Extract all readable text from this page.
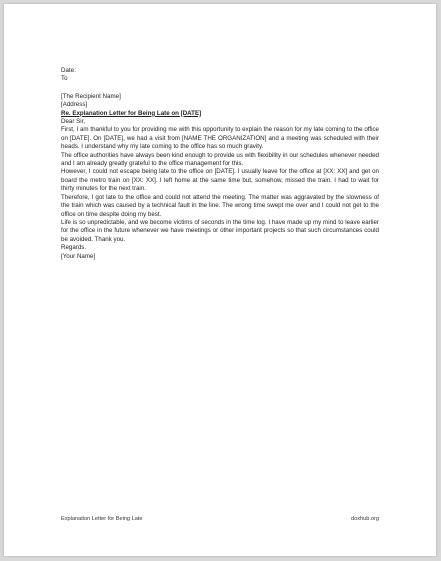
Date:

To

[The Recipient Name]
[Address]

Re. Explanation Letter for Being Late on [DATE]

Dear Sir,

First, I am thankful to you for providing me with this opportunity to explain the reason for my late coming to the office on [DATE]. On [DATE], we had a visit from [NAME THE ORGANIZATION] and a meeting was scheduled with their heads. I understand why my late coming to the office has so much gravity.

The office authorities have always been kind enough to provide us with flexibility in our schedules whenever needed and I am already greatly grateful to the office management for this.

However, I could not escape being late to the office on [DATE]. I usually leave for the office at [XX: XX] and get on board the metro train on [XX: XX]. I left home at the same time but, somehow, missed the train. I had to wait for thirty minutes for the next train.

Therefore, I got late to the office and could not attend the meeting. The matter was aggravated by the slowness of the train which was caused by a technical fault in the line. The wrong time swept me over and I could not get to the office on time despite doing my best.

Life is so unpredictable, and we become victims of seconds in the time log. I have made up my mind to leave earlier for the office in the future whenever we have meetings or other important projects so that such circumstances could be avoided. Thank you.

Regards.

[Your Name]

Explanation Letter for Being Late	doxhub.org
